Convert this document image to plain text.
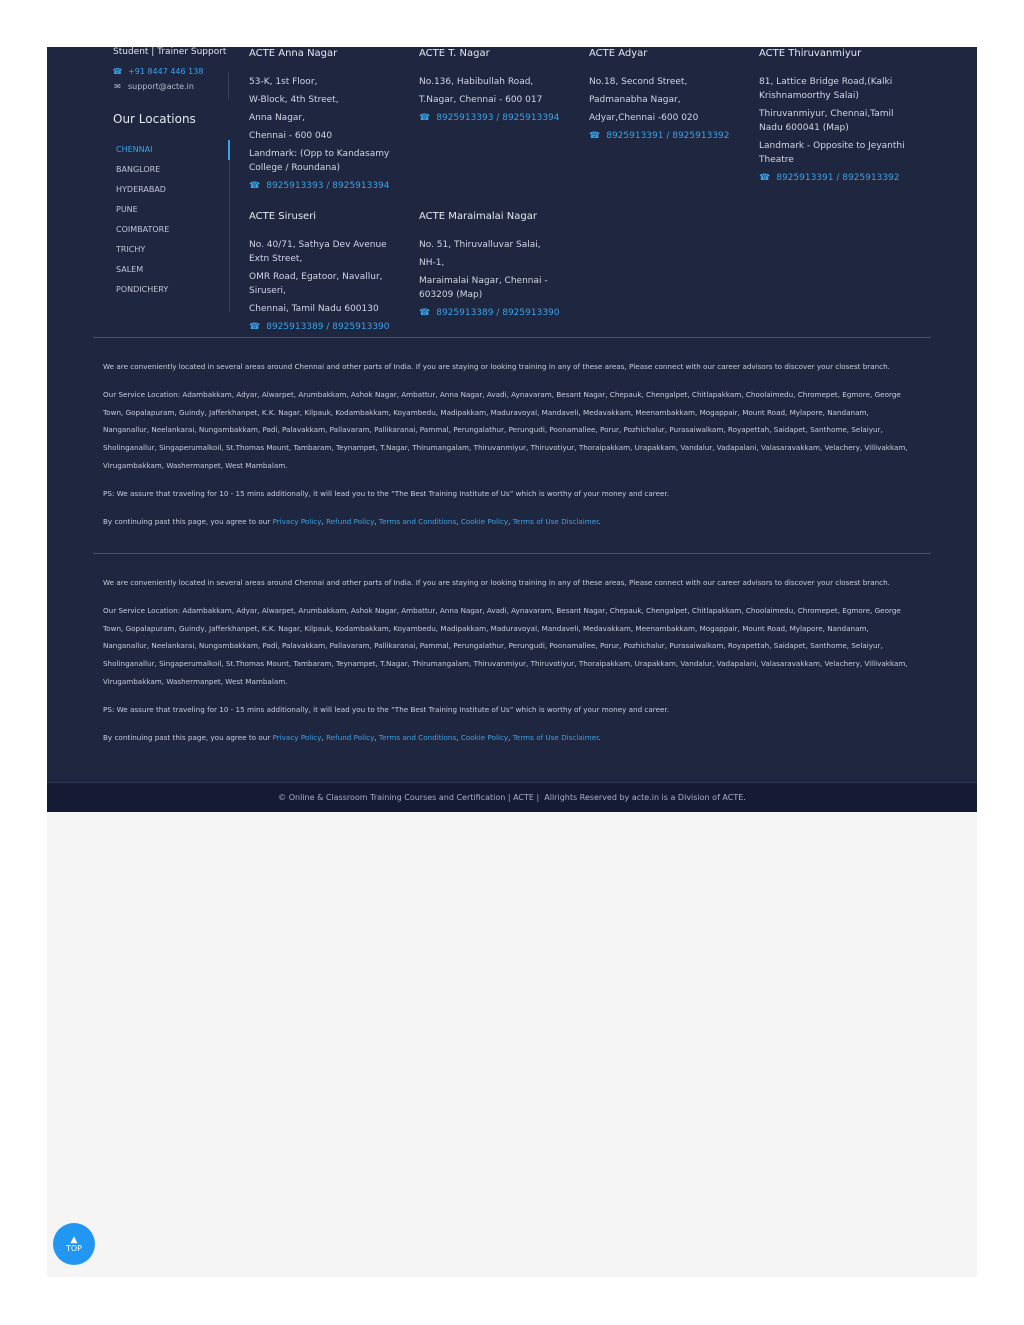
Student | Trainer Support
☎ +91 8447 446 138
✉ support@acte.in
Our Locations
CHENNAI
BANGLORE
HYDERABAD
PUNE
COIMBATORE
TRICHY
SALEM
PONDICHERY
ACTE Anna Nagar

53-K, 1st Floor,

W-Block, 4th Street,

Anna Nagar,

Chennai - 600 040

Landmark: (Opp to Kandasamy College / Roundana)

☎ 8925913393 / 8925913394
ACTE T. Nagar

No.136, Habibullah Road,

T.Nagar, Chennai - 600 017

☎ 8925913393 / 8925913394
ACTE Adyar

No.18, Second Street,

Padmanabha Nagar,

Adyar,Chennai -600 020

☎ 8925913391 / 8925913392
ACTE Thiruvanmiyur

81, Lattice Bridge Road,(Kalki Krishnamoorthy Salai)

Thiruvanmiyur, Chennai,Tamil Nadu 600041 (Map)

Landmark - Opposite to Jeyanthi Theatre

☎ 8925913391 / 8925913392
ACTE Siruseri

No. 40/71, Sathya Dev Avenue Extn Street,

OMR Road, Egatoor, Navallur, Siruseri,

Chennai, Tamil Nadu 600130

☎ 8925913389 / 8925913390
ACTE Maraimalai Nagar

No. 51, Thiruvalluvar Salai,

NH-1,

Maraimalai Nagar, Chennai - 603209 (Map)

☎ 8925913389 / 8925913390

We are conveniently located in several areas around Chennai and other parts of India. If you are staying or looking training in any of these areas, Please connect with our career advisors to discover your closest branch.

Our Service Location: Adambakkam, Adyar, Alwarpet, Arumbakkam, Ashok Nagar, Ambattur, Anna Nagar, Avadi, Aynavaram, Besant Nagar, Chepauk, Chengalpet, Chitlapakkam, Choolaimedu, Chromepet, Egmore, George Town, Gopalapuram, Guindy, Jafferkhanpet, K.K. Nagar, Kilpauk, Kodambakkam, Koyambedu, Madipakkam, Maduravoyal, Mandaveli, Medavakkam, Meenambakkam, Mogappair, Mount Road, Mylapore, Nandanam, Nanganallur, Neelankarai, Nungambakkam, Padi, Palavakkam, Pallavaram, Pallikaranai, Pammal, Perungalathur, Perungudi, Poonamallee, Porur, Pozhichalur, Purasaiwalkam, Royapettah, Saidapet, Santhome, Selaiyur, Sholinganallur, Singaperumalkoil, St.Thomas Mount, Tambaram, Teynampet, T.Nagar, Thirumangalam, Thiruvanmiyur, Thiruvotiyur, Thoraipakkam, Urapakkam, Vandalur, Vadapalani, Valasaravakkam, Velachery, Villivakkam, Virugambakkam, Washermanpet, West Mambalam.

PS: We assure that traveling for 10 - 15 mins additionally, it will lead you to the “The Best Training Institute of Us” which is worthy of your money and career.

By continuing past this page, you agree to our Privacy Policy, Refund Policy, Terms and Conditions, Cookie Policy, Terms of Use Disclaimer.

We are conveniently located in several areas around Chennai and other parts of India. If you are staying or looking training in any of these areas, Please connect with our career advisors to discover your closest branch.

Our Service Location: Adambakkam, Adyar, Alwarpet, Arumbakkam, Ashok Nagar, Ambattur, Anna Nagar, Avadi, Aynavaram, Besant Nagar, Chepauk, Chengalpet, Chitlapakkam, Choolaimedu, Chromepet, Egmore, George Town, Gopalapuram, Guindy, Jafferkhanpet, K.K. Nagar, Kilpauk, Kodambakkam, Koyambedu, Madipakkam, Maduravoyal, Mandaveli, Medavakkam, Meenambakkam, Mogappair, Mount Road, Mylapore, Nandanam, Nanganallur, Neelankarai, Nungambakkam, Padi, Palavakkam, Pallavaram, Pallikaranai, Pammal, Perungalathur, Perungudi, Poonamallee, Porur, Pozhichalur, Purasaiwalkam, Royapettah, Saidapet, Santhome, Selaiyur, Sholinganallur, Singaperumalkoil, St.Thomas Mount, Tambaram, Teynampet, T.Nagar, Thirumangalam, Thiruvanmiyur, Thiruvotiyur, Thoraipakkam, Urapakkam, Vandalur, Vadapalani, Valasaravakkam, Velachery, Villivakkam, Virugambakkam, Washermanpet, West Mambalam.

PS: We assure that traveling for 10 - 15 mins additionally, it will lead you to the “The Best Training Institute of Us” which is worthy of your money and career.

By continuing past this page, you agree to our Privacy Policy, Refund Policy, Terms and Conditions, Cookie Policy, Terms of Use Disclaimer.

© Online & Classroom Training Courses and Certification | ACTE |  Allrights Reserved by acte.in is a Division of ACTE.
▲
TOP
